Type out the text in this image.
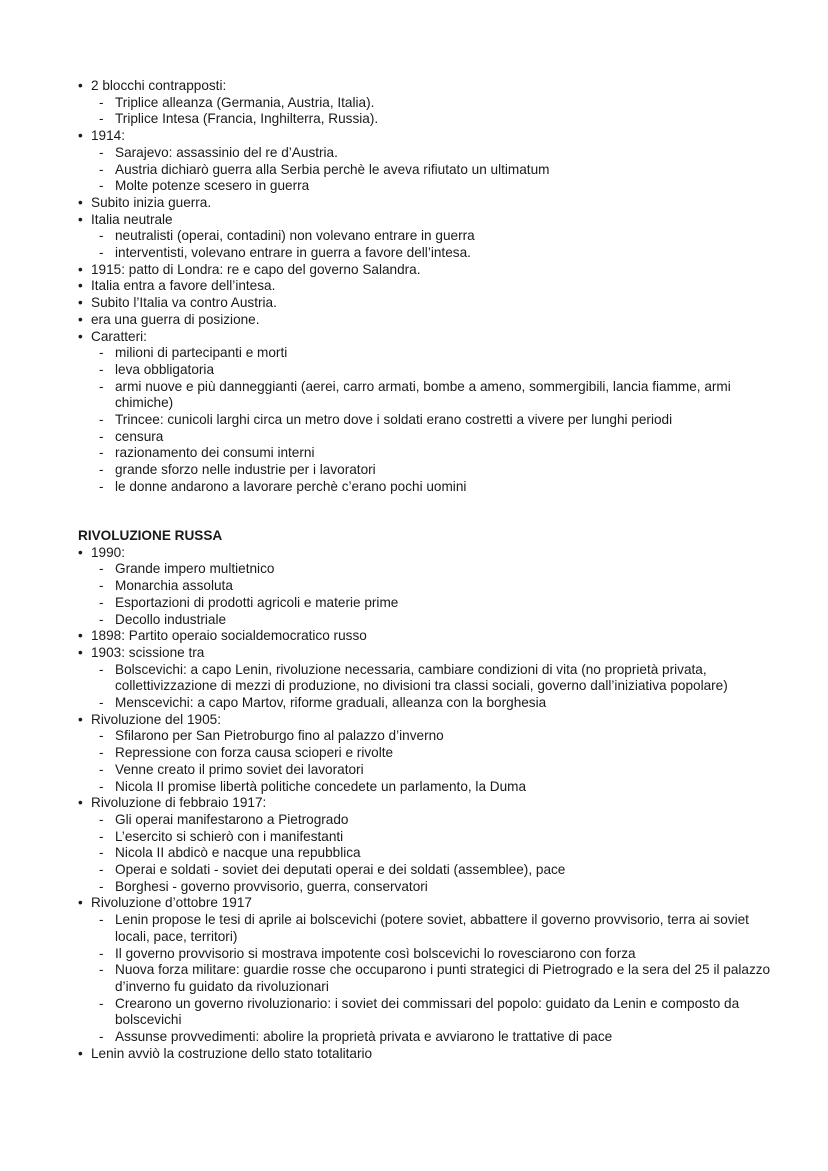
• 2 blocchi contrapposti:
- Triplice alleanza (Germania, Austria, Italia).
- Triplice Intesa (Francia, Inghilterra, Russia).
• 1914:
- Sarajevo: assassinio del re d’Austria.
- Austria dichiarò guerra alla Serbia perchè le aveva rifiutato un ultimatum
- Molte potenze scesero in guerra
• Subito inizia guerra.
• Italia neutrale
- neutralisti (operai, contadini) non volevano entrare in guerra
- interventisti, volevano entrare in guerra a favore dell’intesa.
• 1915: patto di Londra: re e capo del governo Salandra.
• Italia entra a favore dell’intesa.
• Subito l’Italia va contro Austria.
• era una guerra di posizione.
• Caratteri:
- milioni di partecipanti e morti
- leva obbligatoria
- armi nuove e più danneggianti (aerei, carro armati, bombe a ameno, sommergibili, lancia fiamme, armi chimiche)
- Trincee: cunicoli larghi circa un metro dove i soldati erano costretti a vivere per lunghi periodi
- censura
- razionamento dei consumi interni
- grande sforzo nelle industrie per i lavoratori
- le donne andarono a lavorare perchè c’erano pochi uomini
RIVOLUZIONE RUSSA
• 1990:
- Grande impero multietnico
- Monarchia assoluta
- Esportazioni di prodotti agricoli e materie prime
- Decollo industriale
• 1898: Partito operaio socialdemocratico russo
• 1903: scissione tra
- Bolscevichi: a capo Lenin, rivoluzione necessaria, cambiare condizioni di vita (no proprietà privata, collettivizzazione di mezzi di produzione, no divisioni tra classi sociali, governo dall’iniziativa popolare)
- Menscevichi: a capo Martov, riforme graduali, alleanza con la borghesia
• Rivoluzione del 1905:
- Sfilarono per San Pietroburgo fino al palazzo d’inverno
- Repressione con forza causa scioperi e rivolte
- Venne creato il primo soviet dei lavoratori
- Nicola II promise libertà politiche concedete un parlamento, la Duma
• Rivoluzione di febbraio 1917:
- Gli operai manifestarono a Pietrogrado
- L’esercito si schierò con i manifestanti
- Nicola II abdicò e nacque una repubblica
- Operai e soldati - soviet dei deputati operai e dei soldati (assemblee), pace
- Borghesi - governo provvisorio, guerra, conservatori
• Rivoluzione d’ottobre 1917
- Lenin propose le tesi di aprile ai bolscevichi (potere soviet, abbattere il governo provvisorio, terra ai soviet locali, pace, territori)
- Il governo provvisorio si mostrava impotente così bolscevichi lo rovesciarono con forza
- Nuova forza militare: guardie rosse che occuparono i punti strategici di Pietrogrado e la sera del 25 il palazzo d’inverno fu guidato da rivoluzionari
- Crearono un governo rivoluzionario: i soviet dei commissari del popolo: guidato da Lenin e composto da bolscevichi
- Assunse provvedimenti: abolire la proprietà privata e avviarono le trattative di pace
• Lenin avviò la costruzione dello stato totalitario
